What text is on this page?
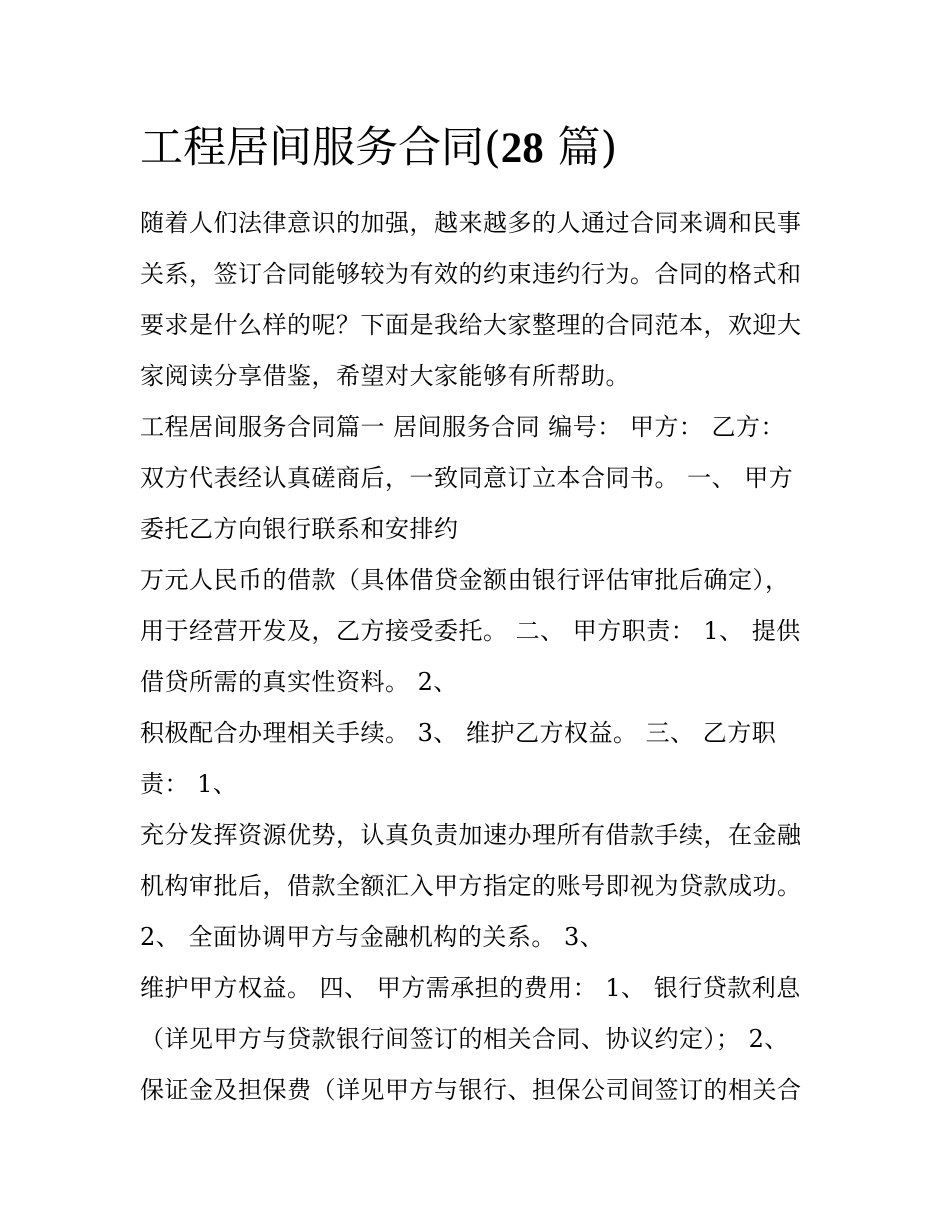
工程居间服务合同(28 篇)
随着人们法律意识的加强，越来越多的人通过合同来调和民事
关系，签订合同能够较为有效的约束违约行为。合同的格式和
要求是什么样的呢？下面是我给大家整理的合同范本，欢迎大
家阅读分享借鉴，希望对大家能够有所帮助。
工程居间服务合同篇一 居间服务合同 编号： 甲方： 乙方：
双方代表经认真磋商后，一致同意订立本合同书。 一、 甲方
委托乙方向银行联系和安排约
万元人民币的借款（具体借贷金额由银行评估审批后确定），
用于经营开发及，乙方接受委托。 二、 甲方职责： 1、 提供
借贷所需的真实性资料。 2、
积极配合办理相关手续。 3、 维护乙方权益。 三、 乙方职
责： 1、
充分发挥资源优势，认真负责加速办理所有借款手续，在金融
机构审批后，借款全额汇入甲方指定的账号即视为贷款成功。
2、 全面协调甲方与金融机构的关系。 3、
维护甲方权益。 四、 甲方需承担的费用： 1、 银行贷款利息
（详见甲方与贷款银行间签订的相关合同、协议约定）； 2、
保证金及担保费（详见甲方与银行、担保公司间签订的相关合
